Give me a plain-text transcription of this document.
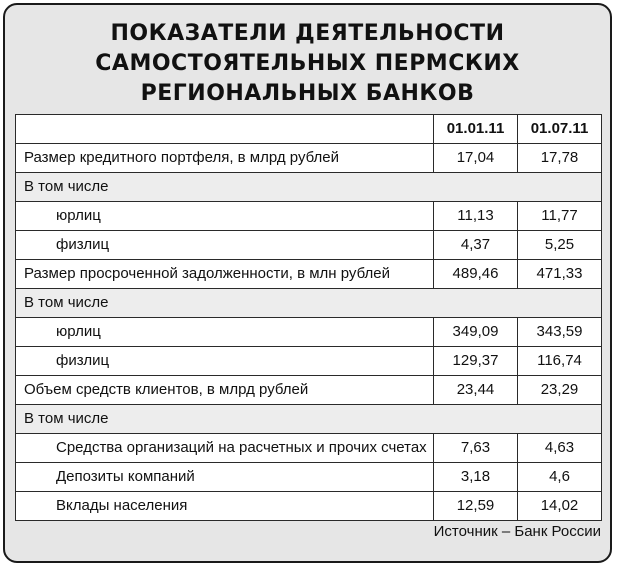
ПОКАЗАТЕЛИ ДЕЯТЕЛЬНОСТИ
САМОСТОЯТЕЛЬНЫХ ПЕРМСКИХ
РЕГИОНАЛЬНЫХ БАНКОВ
	01.01.11	01.07.11
Размер кредитного портфеля, в млрд рублей	17,04	17,78
В том числе		
юрлиц	11,13	11,77
физлиц	4,37	5,25
Размер просроченной задолженности, в млн рублей	489,46	471,33
В том числе		
юрлиц	349,09	343,59
физлиц	129,37	116,74
Объем средств клиентов, в млрд рублей	23,44	23,29
В том числе		
Средства организаций на расчетных и прочих счетах	7,63	4,63
Депозиты компаний	3,18	4,6
Вклады населения	12,59	14,02
Источник – Банк России
